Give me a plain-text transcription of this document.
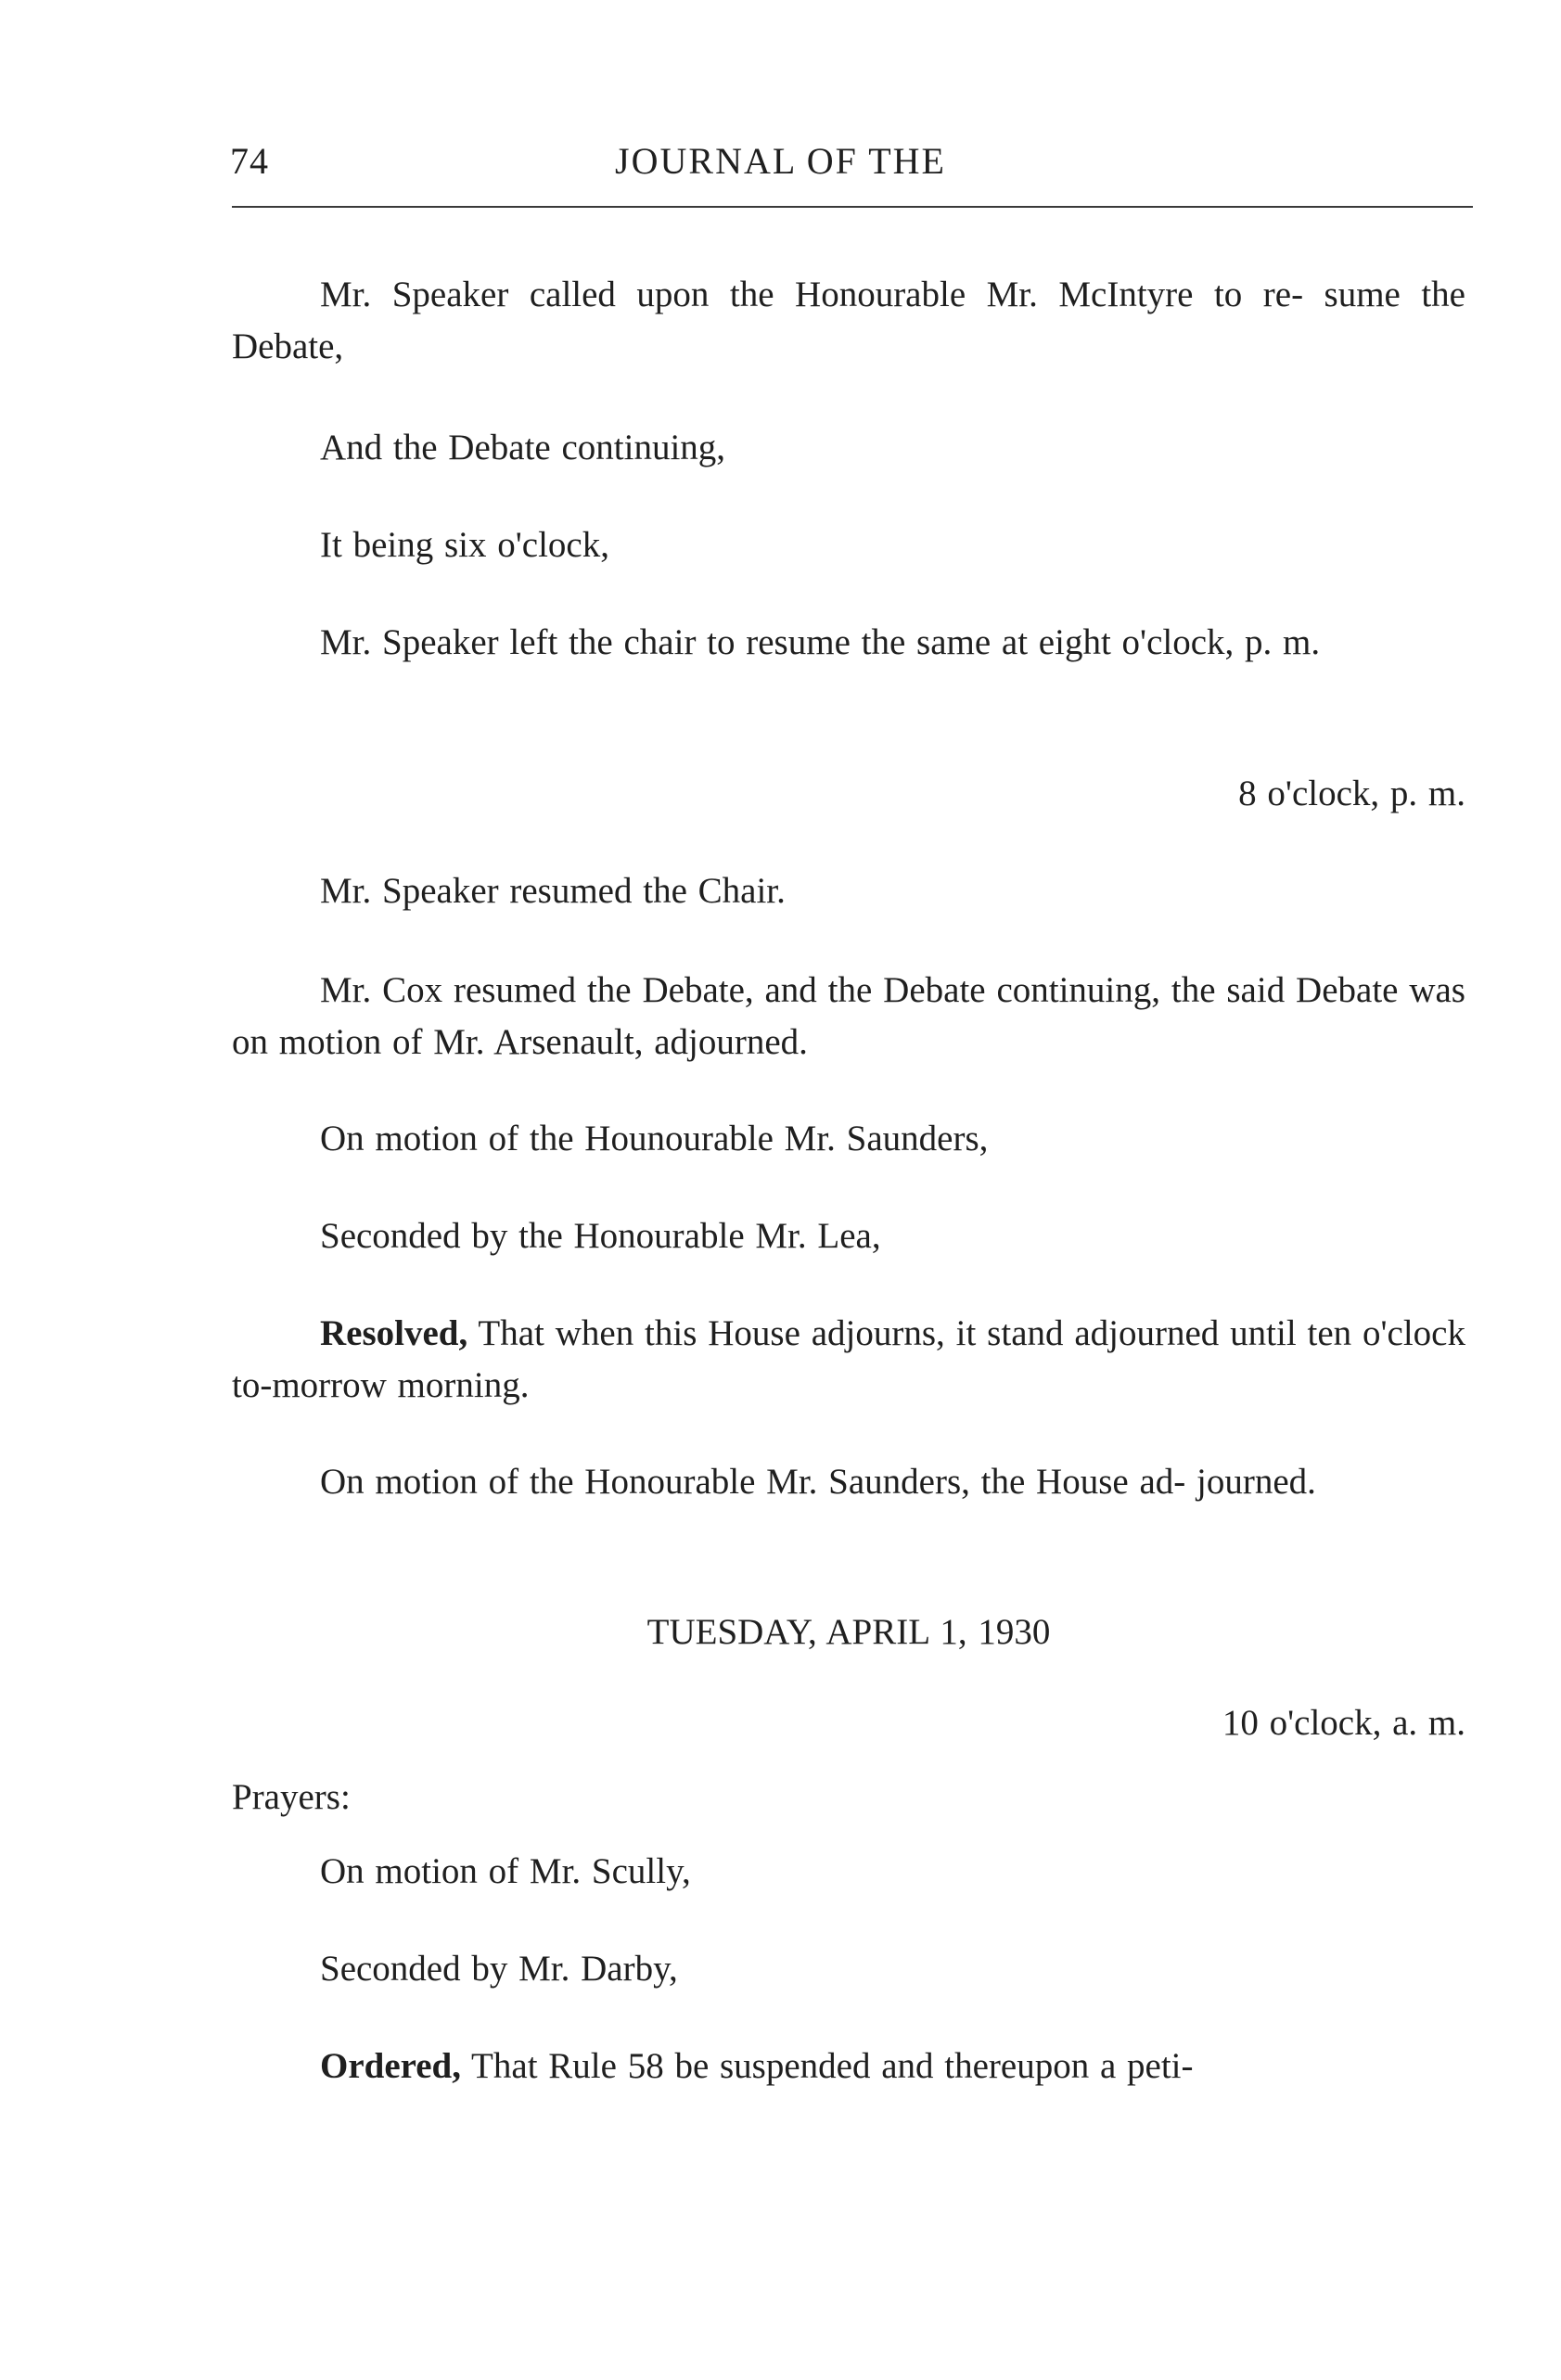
74	JOURNAL OF THE
Mr. Speaker called upon the Honourable Mr. McIntyre to re- sume the Debate,
And the Debate continuing,
It being six o'clock,
Mr. Speaker left the chair to resume the same at eight o'clock, p. m.
8 o'clock, p. m.
Mr. Speaker resumed the Chair.
Mr. Cox resumed the Debate, and the Debate continuing, the said Debate was on motion of Mr. Arsenault, adjourned.
On motion of the Hounourable Mr. Saunders,
Seconded by the Honourable Mr. Lea,
Resolved, That when this House adjourns, it stand adjourned until ten o'clock to-morrow morning.
On motion of the Honourable Mr. Saunders, the House ad- journed.
TUESDAY, APRIL 1, 1930
10 o'clock, a. m.
Prayers:
On motion of Mr. Scully,
Seconded by Mr. Darby,
Ordered, That Rule 58 be suspended and thereupon a peti-
